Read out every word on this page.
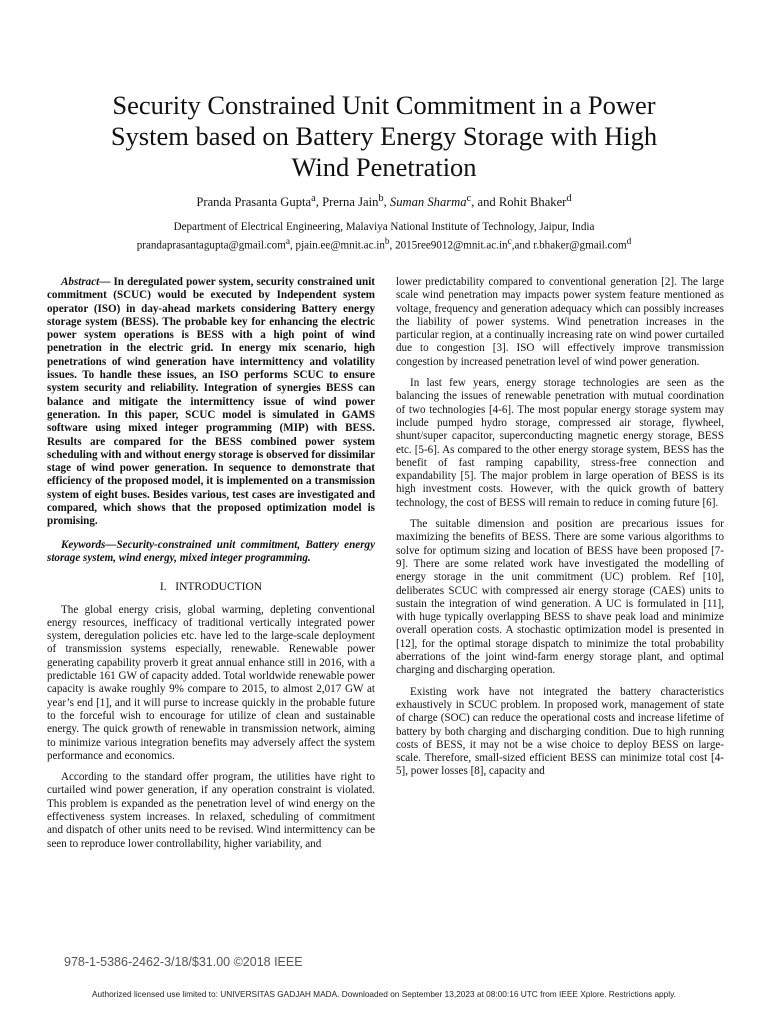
Security Constrained Unit Commitment in a Power
System based on Battery Energy Storage with High
Wind Penetration
Pranda Prasanta Gupta$^a$, Prerna Jain$^b$, Suman Sharma$^c$, and Rohit Bhaker$^d$
Department of Electrical Engineering, Malaviya National Institute of Technology, Jaipur, India
prandaprasantagupta@gmail.com$^a$, $pjain.ee@mnit.ac.in^b$, $2015ree9012@mnit.ac.in^c,and$ r.bhaker@gmail.com$^d$

Abstract— In deregulated power system, security constrained unit commitment (SCUC) would be executed by Independent system operator (ISO) in day-ahead markets considering Battery energy storage system (BESS). The probable key for enhancing the electric power system operations is BESS with a high point of wind penetration in the electric grid. In energy mix scenario, high penetrations of wind generation have intermittency and volatility issues. To handle these issues, an ISO performs SCUC to ensure system security and reliability. Integration of synergies BESS can balance and mitigate the intermittency issue of wind power generation. In this paper, SCUC model is simulated in GAMS software using mixed integer programming (MIP) with BESS. Results are compared for the BESS combined power system scheduling with and without energy storage is observed for dissimilar stage of wind power generation. In sequence to demonstrate that efficiency of the proposed model, it is implemented on a transmission system of eight buses. Besides various, test cases are investigated and compared, which shows that the proposed optimization model is promising.

Keywords—Security-constrained unit commitment, Battery energy storage system, wind energy, mixed integer programming.

I. INTRODUCTION

The global energy crisis, global warming, depleting conventional energy resources, inefficacy of traditional vertically integrated power system, deregulation policies etc. have led to the large-scale deployment of transmission systems especially, renewable. Renewable power generating capability proverb it great annual enhance still in 2016, with a predictable 161 GW of capacity added. Total worldwide renewable power capacity is awake roughly 9% compare to 2015, to almost 2,017 GW at year’s end [1], and it will purse to increase quickly in the probable future to the forceful wish to encourage for utilize of clean and sustainable energy. The quick growth of renewable in transmission network, aiming to minimize various integration benefits may adversely affect the system performance and economics.

According to the standard offer program, the utilities have right to curtailed wind power generation, if any operation constraint is violated. This problem is expanded as the penetration level of wind energy on the effectiveness system increases. In relaxed, scheduling of commitment and dispatch of other units need to be revised. Wind intermittency can be seen to reproduce lower controllability, higher variability, and

lower predictability compared to conventional generation [2]. The large scale wind penetration may impacts power system feature mentioned as voltage, frequency and generation adequacy which can possibly increases the liability of power systems. Wind penetration increases in the particular region, at a continually increasing rate on wind power curtailed due to congestion [3]. ISO will effectively improve transmission congestion by increased penetration level of wind power generation.

In last few years, energy storage technologies are seen as the balancing the issues of renewable penetration with mutual coordination of two technologies [4-6]. The most popular energy storage system may include pumped hydro storage, compressed air storage, flywheel, shunt/super capacitor, superconducting magnetic energy storage, BESS etc. [5-6]. As compared to the other energy storage system, BESS has the benefit of fast ramping capability, stress-free connection and expandability [5]. The major problem in large operation of BESS is its high investment costs. However, with the quick growth of battery technology, the cost of BESS will remain to reduce in coming future [6].

The suitable dimension and position are precarious issues for maximizing the benefits of BESS. There are some various algorithms to solve for optimum sizing and location of BESS have been proposed [7-9]. There are some related work have investigated the modelling of energy storage in the unit commitment (UC) problem. Ref [10], deliberates SCUC with compressed air energy storage (CAES) units to sustain the integration of wind generation. A UC is formulated in [11], with huge typically overlapping BESS to shave peak load and minimize overall operation costs. A stochastic optimization model is presented in [12], for the optimal storage dispatch to minimize the total probability aberrations of the joint wind-farm energy storage plant, and optimal charging and discharging operation.

Existing work have not integrated the battery characteristics exhaustively in SCUC problem. In proposed work, management of state of charge (SOC) can reduce the operational costs and increase lifetime of battery by both charging and discharging condition. Due to high running costs of BESS, it may not be a wise choice to deploy BESS on large-scale. Therefore, small-sized efficient BESS can minimize total cost [4-5], power losses [8], capacity and

978-1-5386-2462-3/18/$31.00 ©2018 IEEE
Authorized licensed use limited to: UNIVERSITAS GADJAH MADA. Downloaded on September 13,2023 at 08:00:16 UTC from IEEE Xplore. Restrictions apply.
